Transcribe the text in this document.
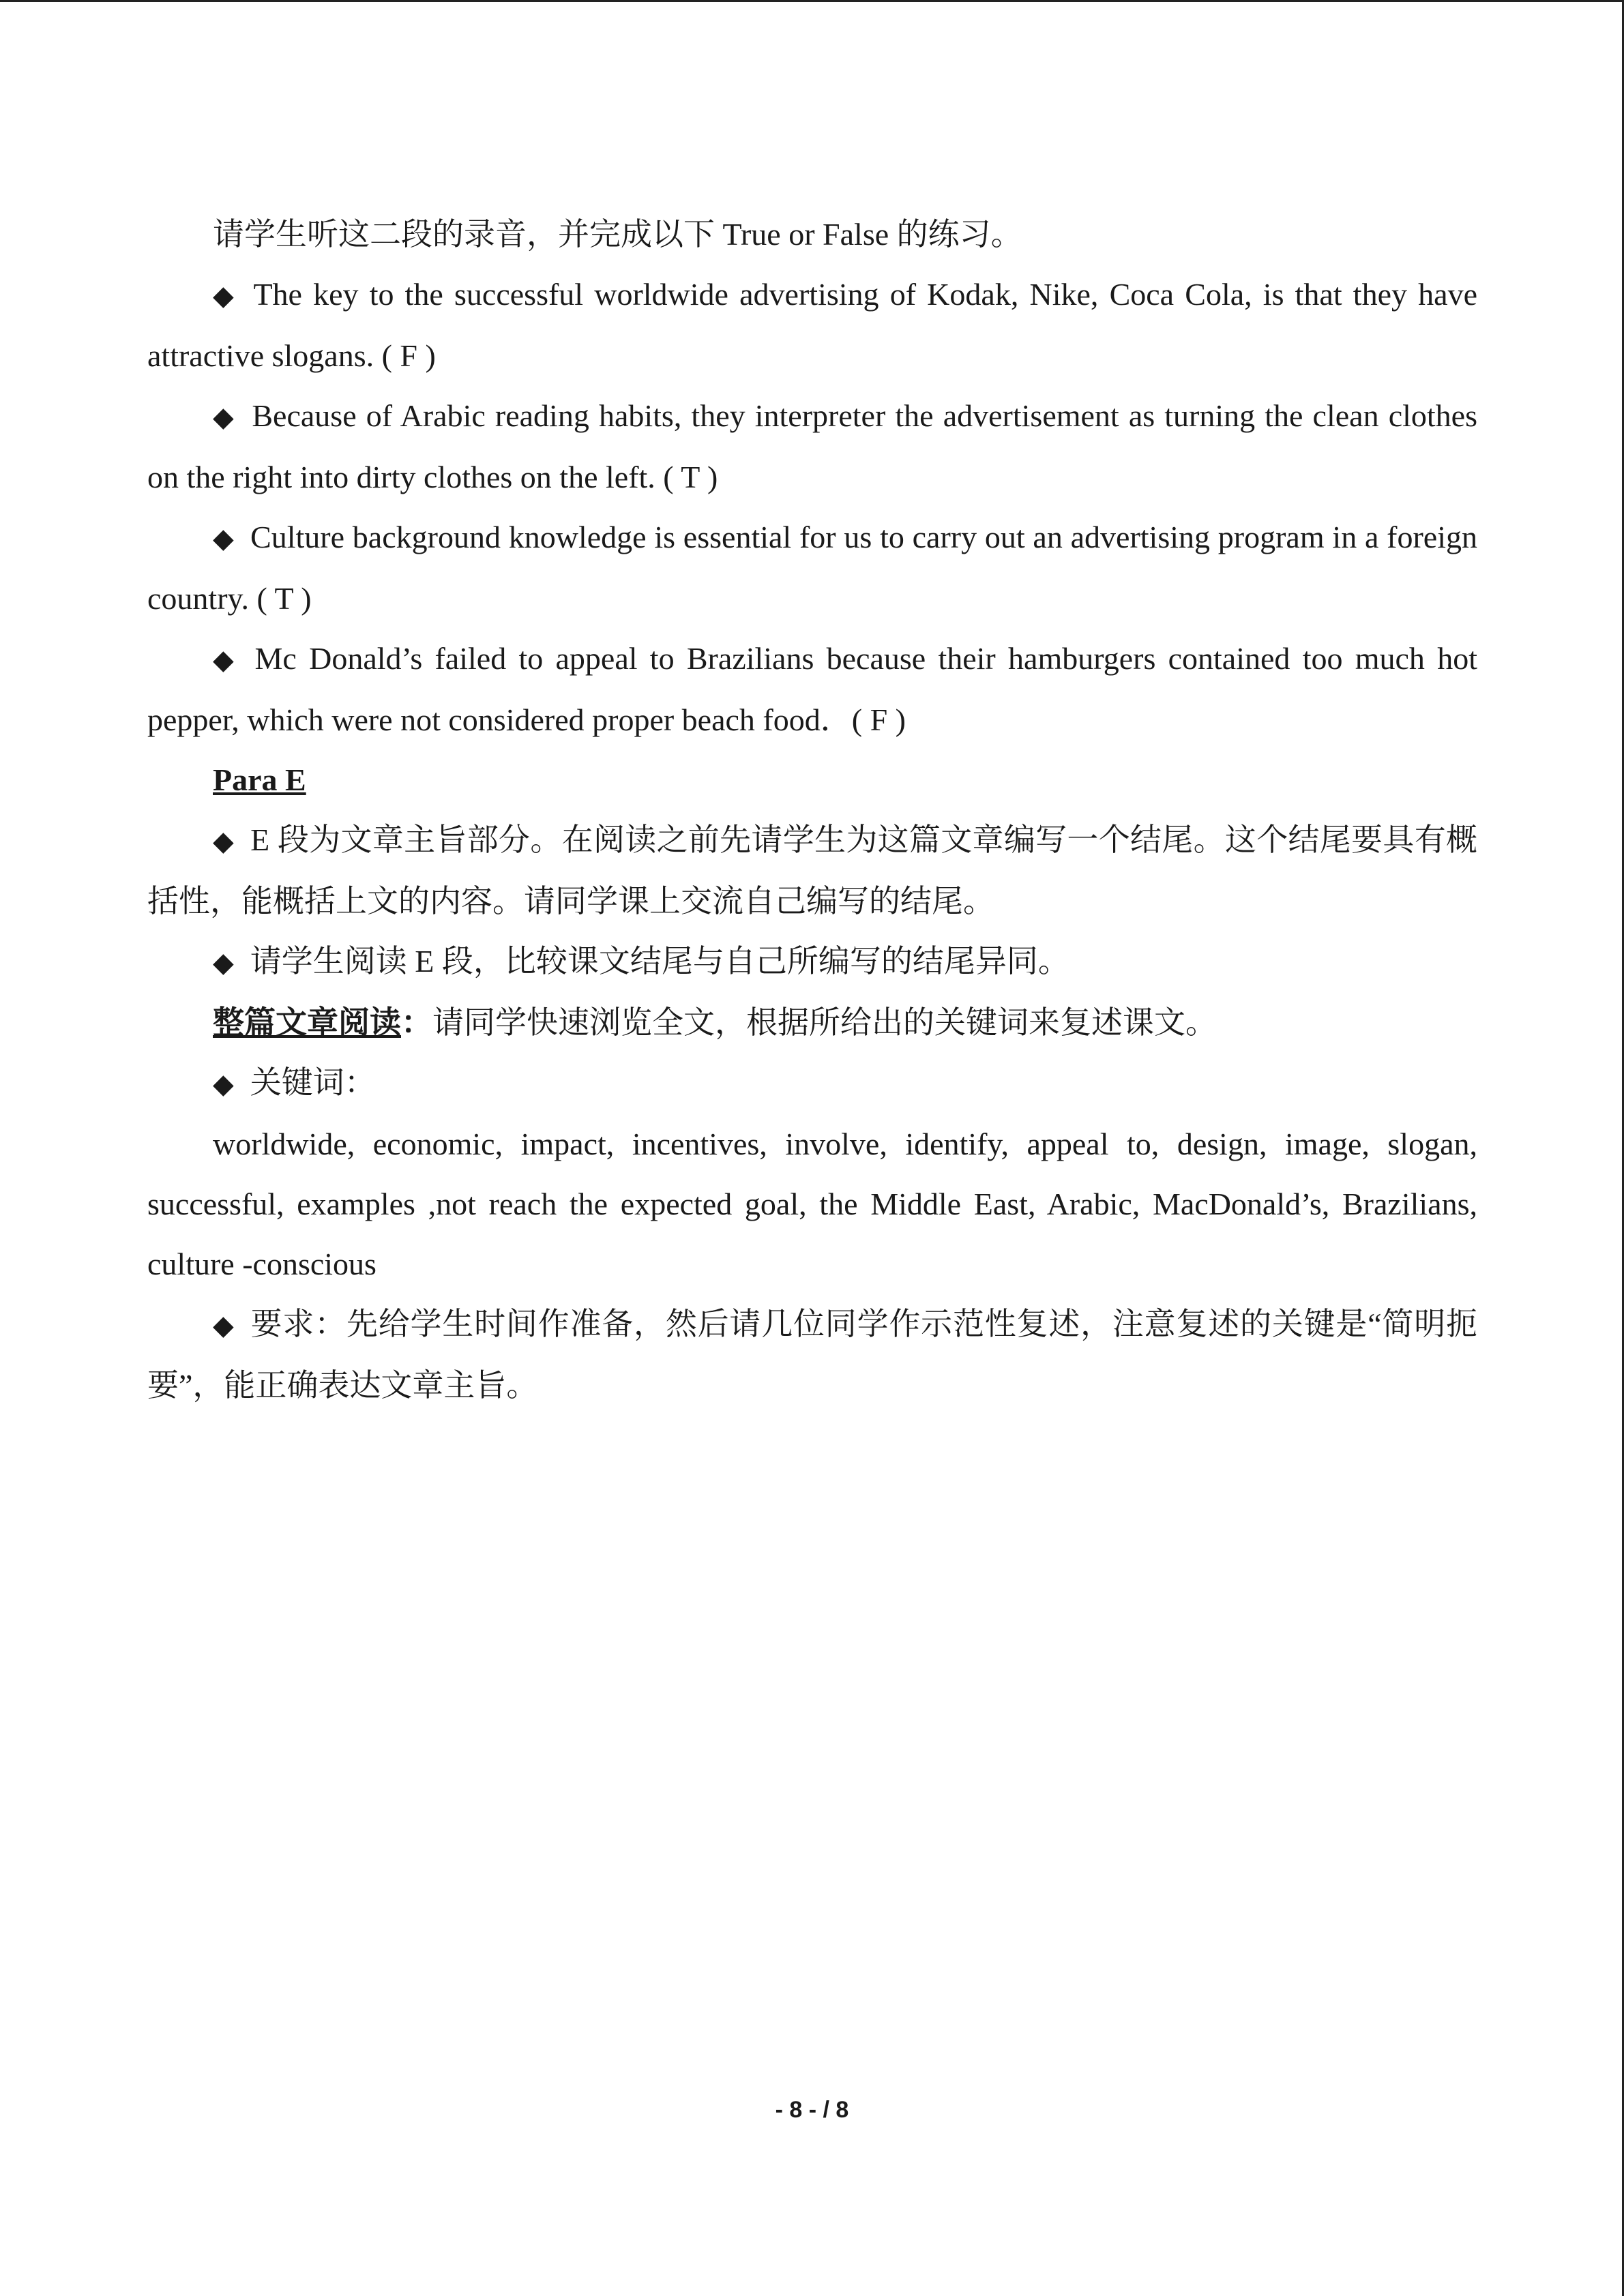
请学生听这二段的录音，并完成以下 True or False 的练习。

◆ The key to the successful worldwide advertising of Kodak, Nike, Coca Cola, is that they have attractive slogans. ( F )

◆ Because of Arabic reading habits, they interpreter the advertisement as turning the clean clothes on the right into dirty clothes on the left. ( T )

◆ Culture background knowledge is essential for us to carry out an advertising program in a foreign country. ( T )

◆ Mc Donald’s failed to appeal to Brazilians because their hamburgers contained too much hot pepper, which were not considered proper beach food．( F )

Para E

◆ E 段为文章主旨部分。在阅读之前先请学生为这篇文章编写一个结尾。这个结尾要具有概括性，能概括上文的内容。请同学课上交流自己编写的结尾。

◆ 请学生阅读 E 段，比较课文结尾与自己所编写的结尾异同。

整篇文章阅读：请同学快速浏览全文，根据所给出的关键词来复述课文。

◆ 关键词：

worldwide, economic, impact, incentives, involve, identify, appeal to, design, image, slogan, successful, examples ,not reach the expected goal, the Middle East, Arabic, MacDonald’s, Brazilians, culture -conscious

◆ 要求：先给学生时间作准备，然后请几位同学作示范性复述，注意复述的关键是“简明扼要”，能正确表达文章主旨。

- 8 - / 8
